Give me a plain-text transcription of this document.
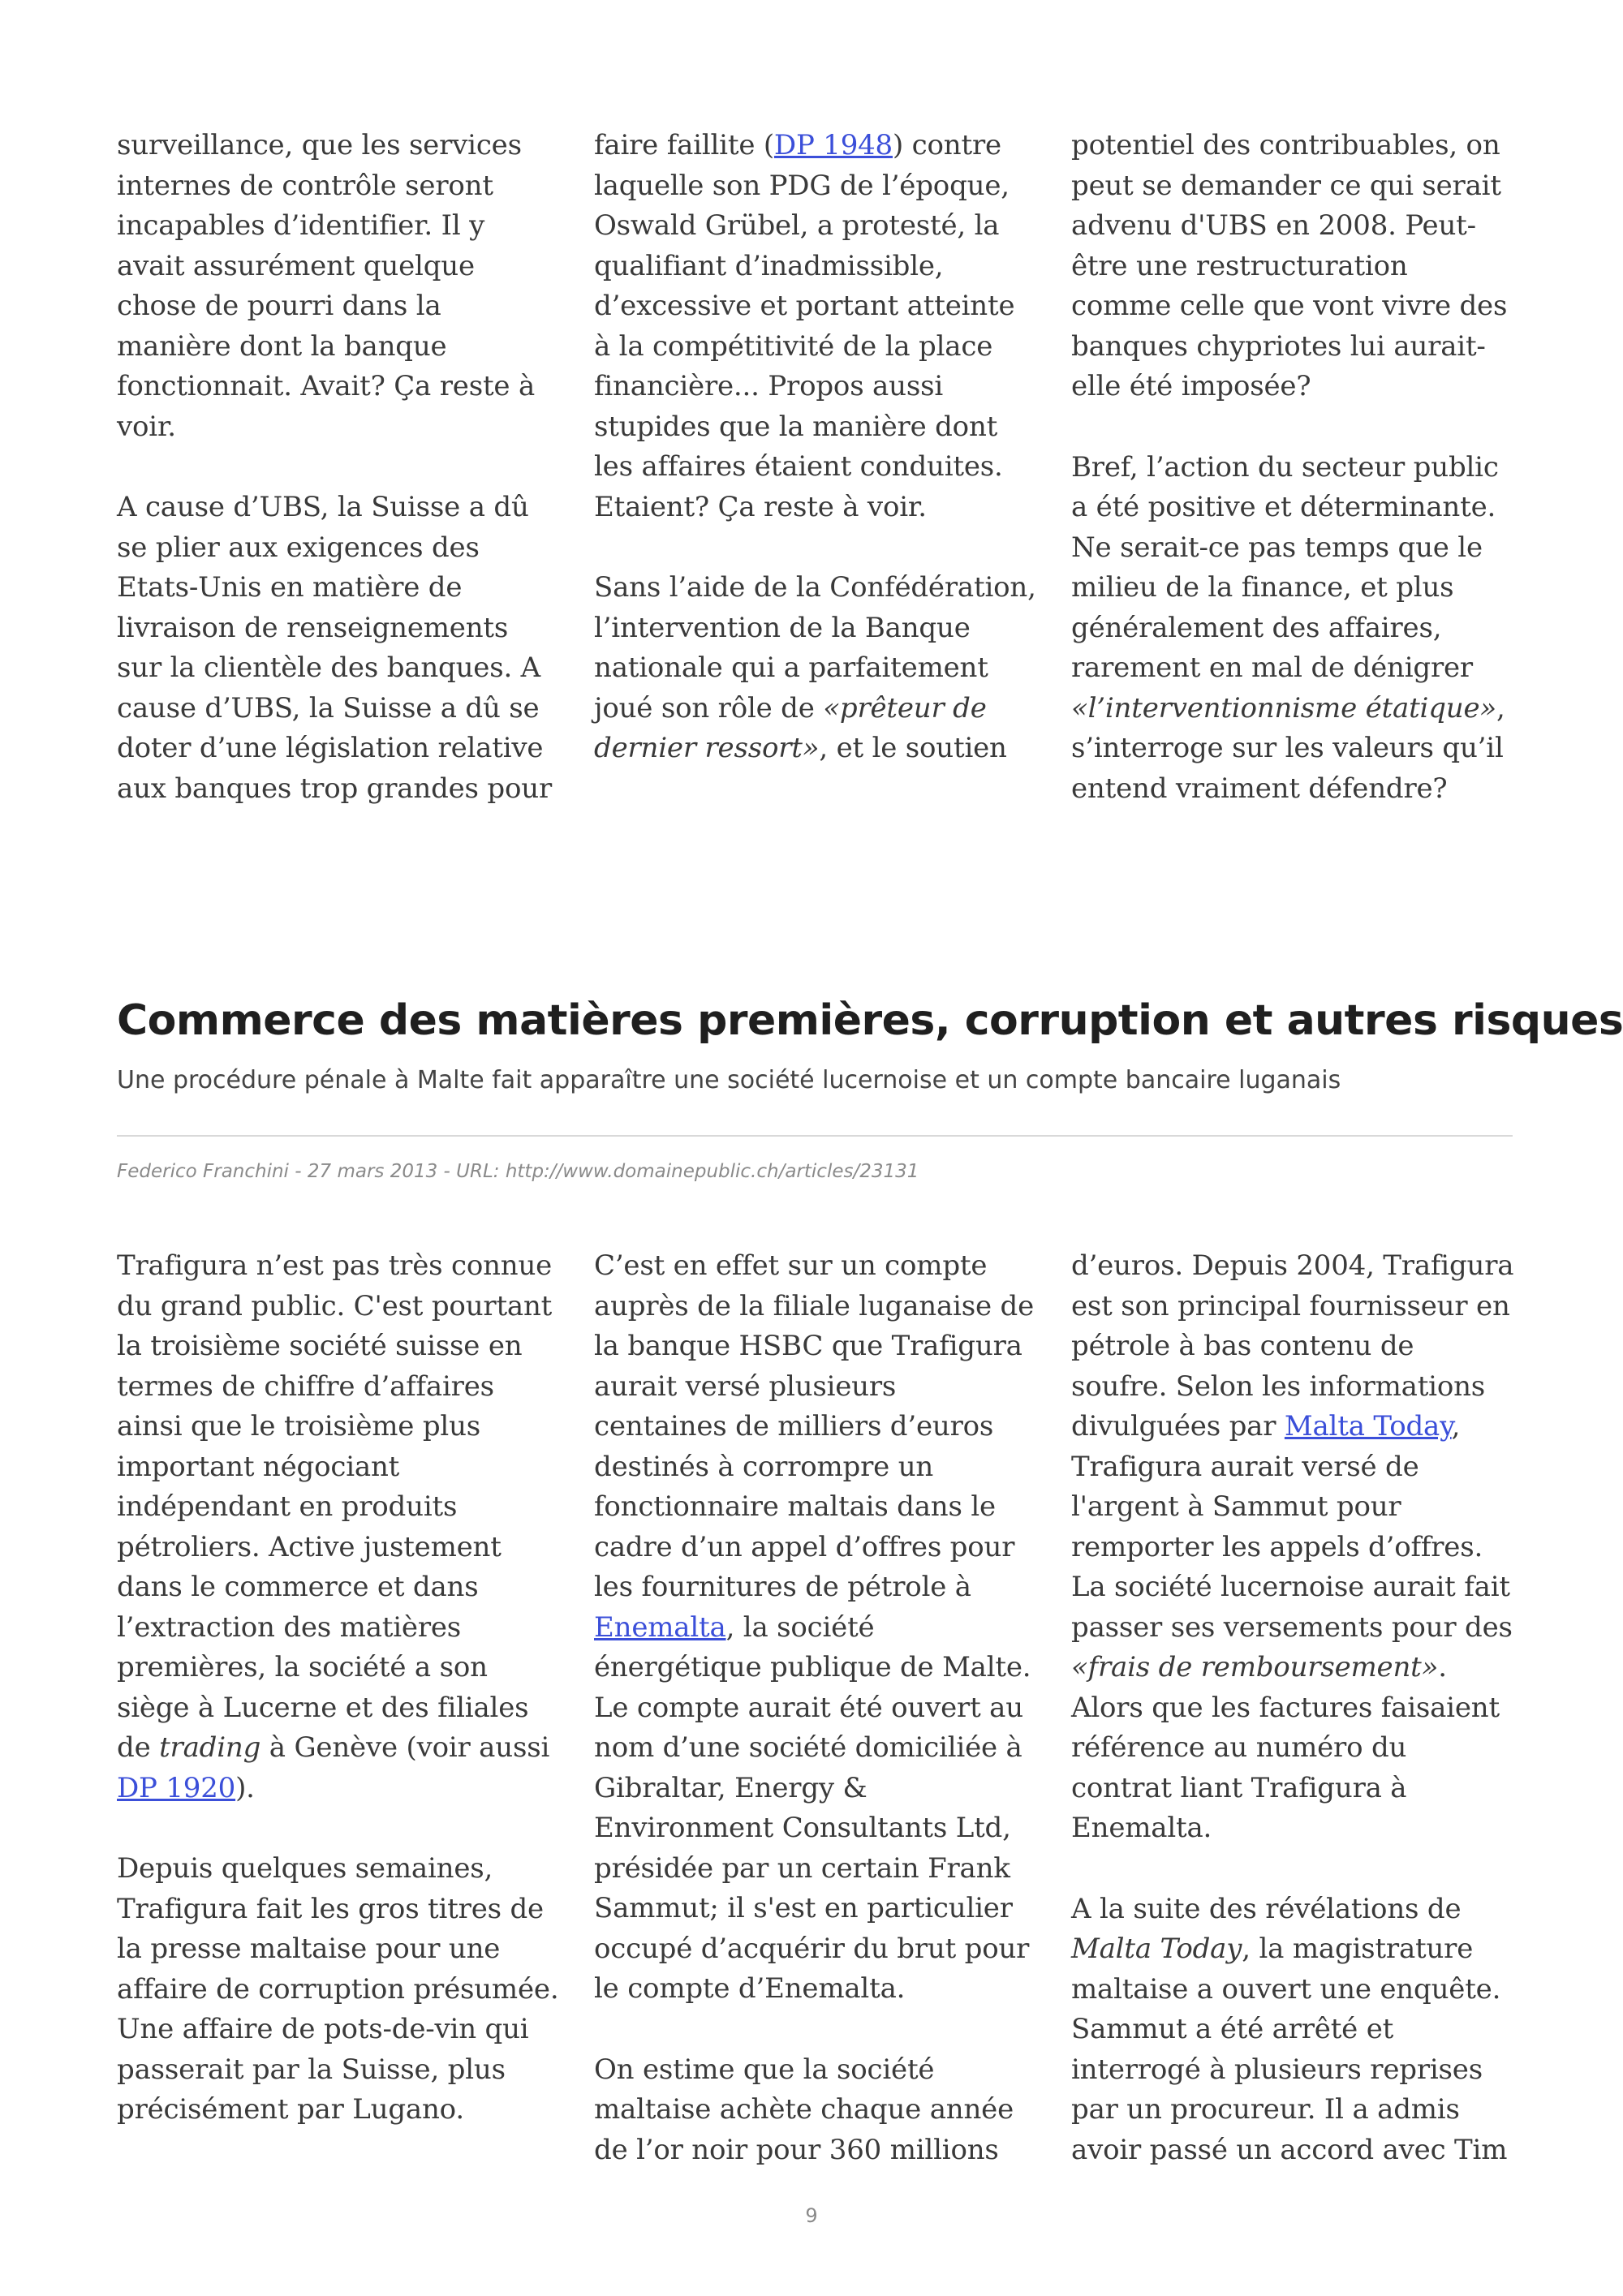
surveillance, que les services internes de contrôle seront incapables d’identifier. Il y avait assurément quelque chose de pourri dans la manière dont la banque fonctionnait. Avait? Ça reste à voir.

A cause d’UBS, la Suisse a dû se plier aux exigences des Etats-Unis en matière de livraison de renseignements sur la clientèle des banques. A cause d’UBS, la Suisse a dû se doter d’une législation relative aux banques trop grandes pour

faire faillite (DP 1948) contre laquelle son PDG de l’époque, Oswald Grübel, a protesté, la qualifiant d’inadmissible, d’excessive et portant atteinte à la compétitivité de la place financière... Propos aussi stupides que la manière dont les affaires étaient conduites. Etaient? Ça reste à voir.

Sans l’aide de la Confédération, l’intervention de la Banque nationale qui a parfaitement joué son rôle de «prêteur de dernier ressort», et le soutien

potentiel des contribuables, on peut se demander ce qui serait advenu d'UBS en 2008. Peut-être une restructuration comme celle que vont vivre des banques chypriotes lui aurait-elle été imposée?

Bref, l’action du secteur public a été positive et déterminante. Ne serait-ce pas temps que le milieu de la finance, et plus généralement des affaires, rarement en mal de dénigrer «l’interventionnisme étatique», s’interroge sur les valeurs qu’il entend vraiment défendre?

Commerce des matières premières, corruption et autres risques

Une procédure pénale à Malte fait apparaître une société lucernoise et un compte bancaire luganais

Federico Franchini - 27 mars 2013 - URL: http://www.domainepublic.ch/articles/23131

Trafigura n’est pas très connue du grand public. C'est pourtant la troisième société suisse en termes de chiffre d’affaires ainsi que le troisième plus important négociant indépendant en produits pétroliers. Active justement dans le commerce et dans l’extraction des matières premières, la société a son siège à Lucerne et des filiales de trading à Genève (voir aussi DP 1920).

Depuis quelques semaines, Trafigura fait les gros titres de la presse maltaise pour une affaire de corruption présumée. Une affaire de pots-de-vin qui passerait par la Suisse, plus précisément par Lugano.

C’est en effet sur un compte auprès de la filiale luganaise de la banque HSBC que Trafigura aurait versé plusieurs centaines de milliers d’euros destinés à corrompre un fonctionnaire maltais dans le cadre d’un appel d’offres pour les fournitures de pétrole à Enemalta, la société énergétique publique de Malte. Le compte aurait été ouvert au nom d’une société domiciliée à Gibraltar, Energy & Environment Consultants Ltd, présidée par un certain Frank Sammut; il s'est en particulier occupé d’acquérir du brut pour le compte d’Enemalta.

On estime que la société maltaise achète chaque année de l’or noir pour 360 millions

d’euros. Depuis 2004, Trafigura est son principal fournisseur en pétrole à bas contenu de soufre. Selon les informations divulguées par Malta Today, Trafigura aurait versé de l'argent à Sammut pour remporter les appels d’offres. La société lucernoise aurait fait passer ses versements pour des «frais de remboursement». Alors que les factures faisaient référence au numéro du contrat liant Trafigura à Enemalta.

A la suite des révélations de Malta Today, la magistrature maltaise a ouvert une enquête. Sammut a été arrêté et interrogé à plusieurs reprises par un procureur. Il a admis avoir passé un accord avec Tim

9
